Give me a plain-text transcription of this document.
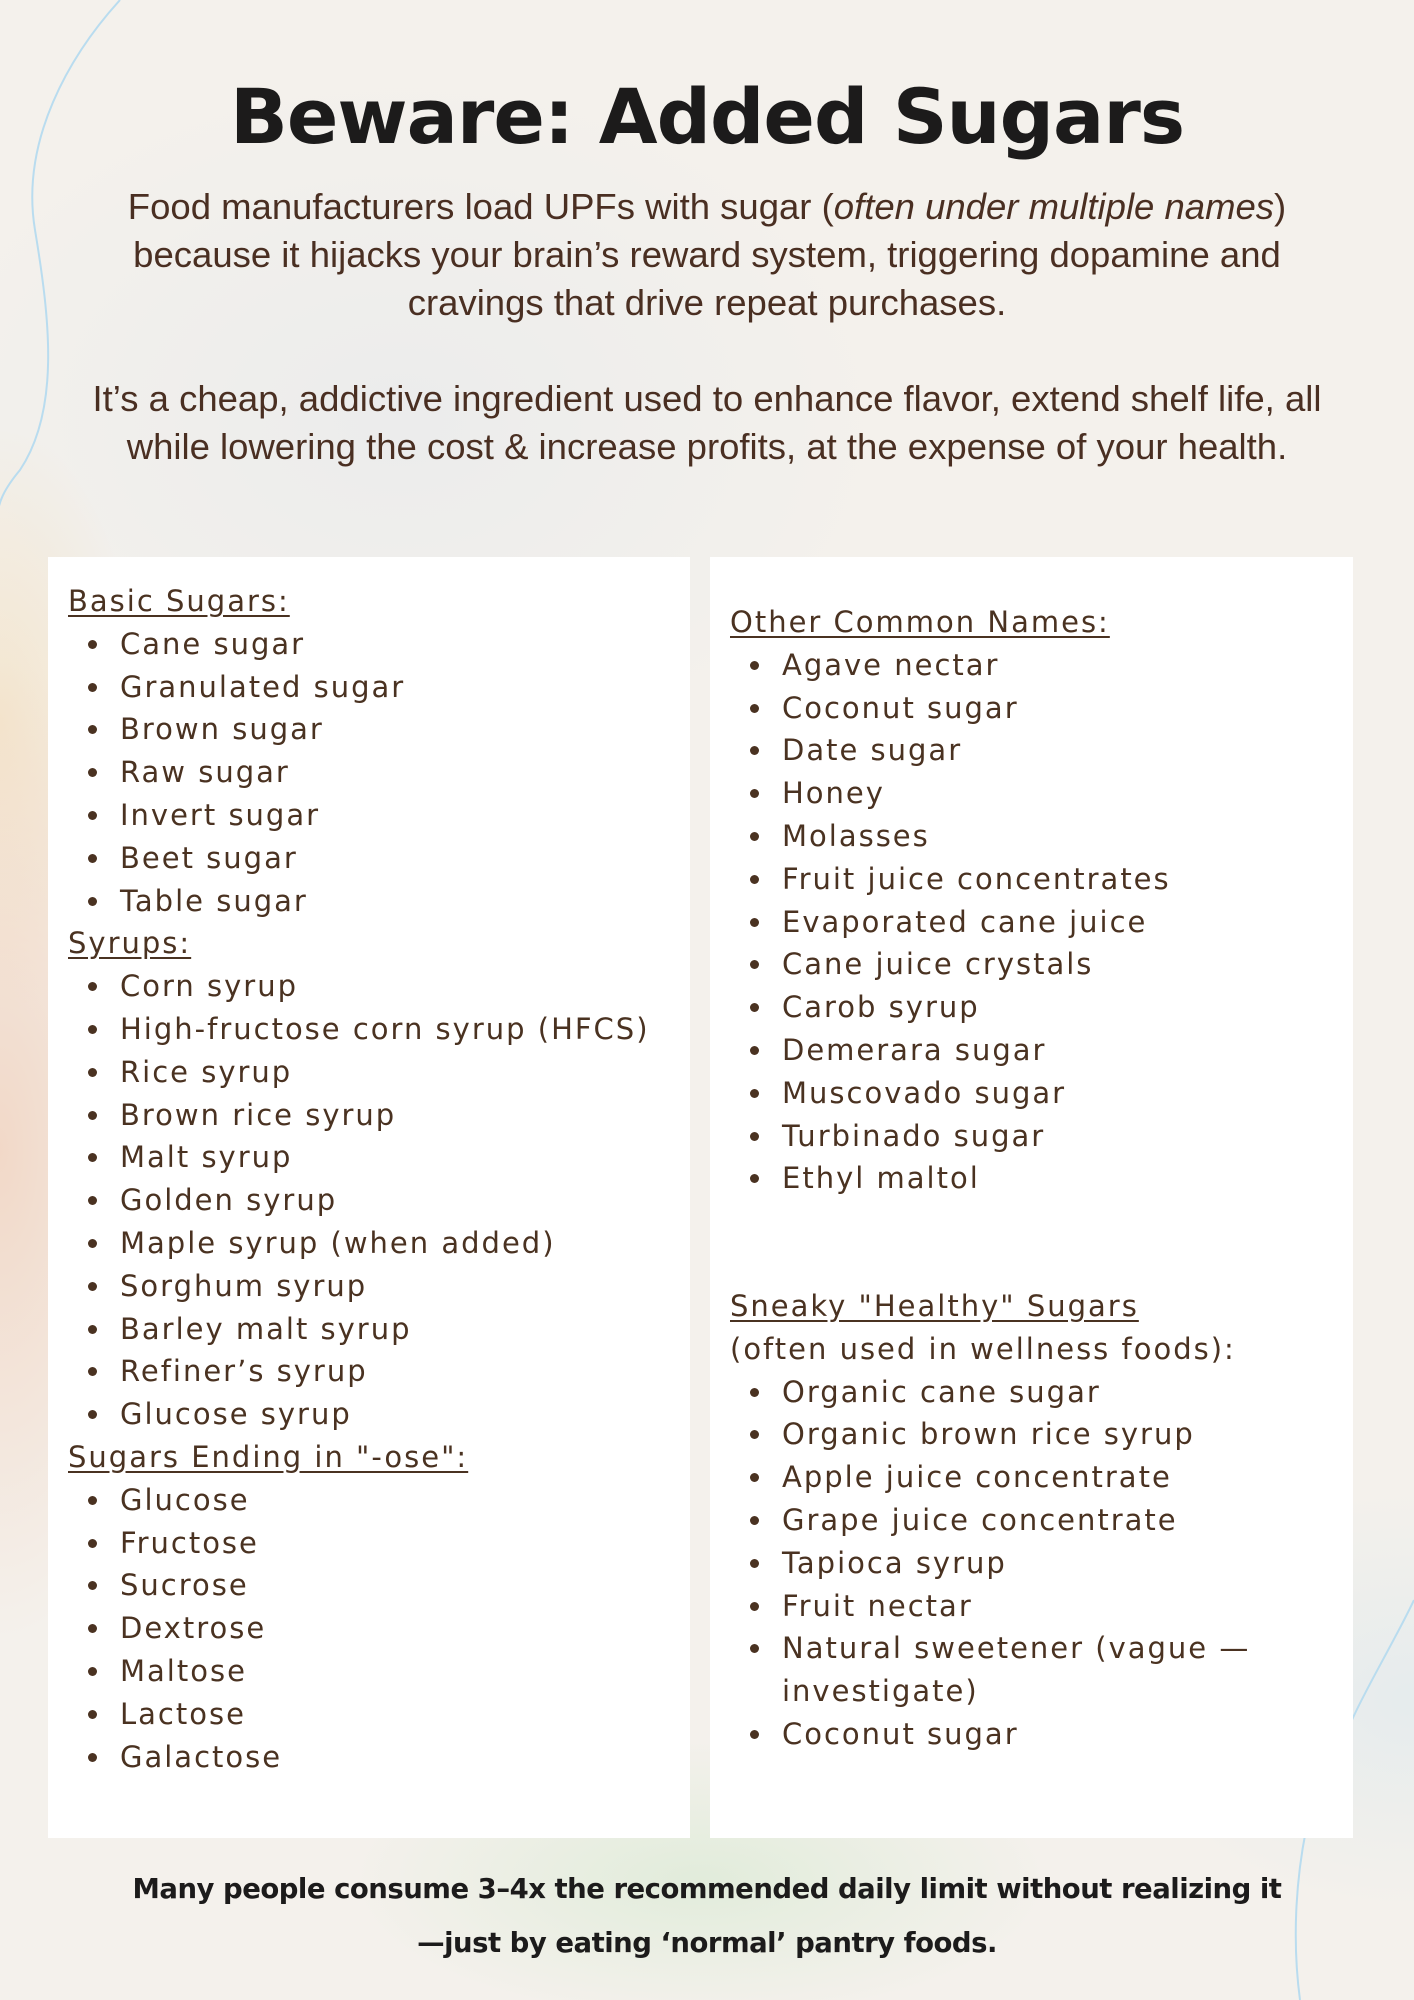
Beware: Added Sugars

Food manufacturers load UPFs with sugar (often under multiple names) because it hijacks your brain’s reward system, triggering dopamine and cravings that drive repeat purchases.

It’s a cheap, addictive ingredient used to enhance flavor, extend shelf life, all while lowering the cost & increase profits, at the expense of your health.

Basic Sugars:

Cane sugar
Granulated sugar
Brown sugar
Raw sugar
Invert sugar
Beet sugar
Table sugar

Syrups:

Corn syrup
High-fructose corn syrup (HFCS)
Rice syrup
Brown rice syrup
Malt syrup
Golden syrup
Maple syrup (when added)
Sorghum syrup
Barley malt syrup
Refiner’s syrup
Glucose syrup

Sugars Ending in "-ose":

Glucose
Fructose
Sucrose
Dextrose
Maltose
Lactose
Galactose

Other Common Names:

Agave nectar
Coconut sugar
Date sugar
Honey
Molasses
Fruit juice concentrates
Evaporated cane juice
Cane juice crystals
Carob syrup
Demerara sugar
Muscovado sugar
Turbinado sugar
Ethyl maltol

Sneaky "Healthy" Sugars

(often used in wellness foods):

Organic cane sugar
Organic brown rice syrup
Apple juice concentrate
Grape juice concentrate
Tapioca syrup
Fruit nectar
Natural sweetener (vague — investigate)
Coconut sugar
Many people consume 3–4x the recommended daily limit without realizing it
—just by eating ‘normal’ pantry foods.
